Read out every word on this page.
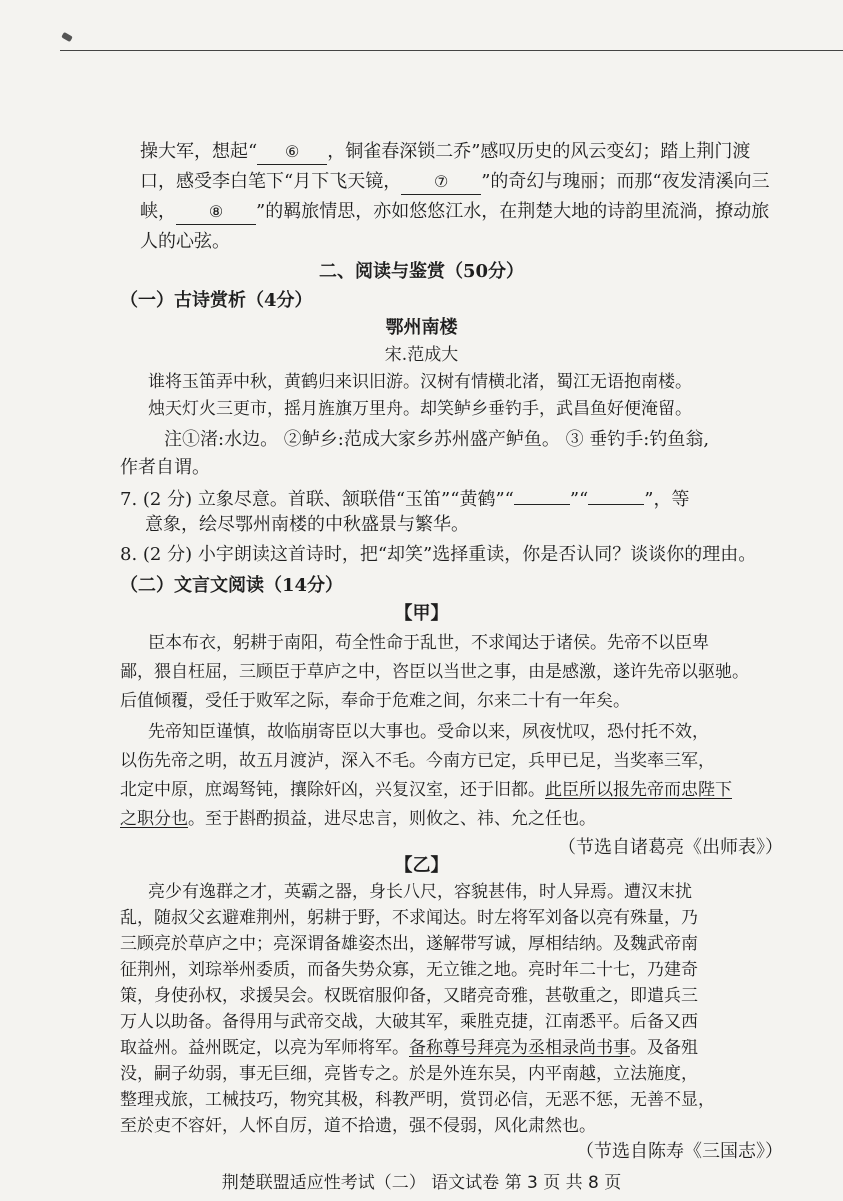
操大军，想起“ ⑥ ，铜雀春深锁二乔”感叹历史的风云变幻；踏上荆门渡
口，感受李白笔下“月下飞天镜， ⑦ ”的奇幻与瑰丽；而那“夜发清溪向三
峡， ⑧ ”的羁旅情思，亦如悠悠江水，在荆楚大地的诗韵里流淌，撩动旅
人的心弦。
二、阅读与鉴赏（50分）
（一）古诗赏析（4分）
鄂州南楼
宋.范成大
谁将玉笛弄中秋，黄鹤归来识旧游。汉树有情横北渚，蜀江无语抱南楼。
烛天灯火三更市，摇月旌旗万里舟。却笑鲈乡垂钓手，武昌鱼好便淹留。
注①渚:水边。 ②鲈乡:范成大家乡苏州盛产鲈鱼。 ③ 垂钓手:钓鱼翁,
作者自谓。
7. (2 分) 立象尽意。首联、颔联借“玉笛”“黄鹤”“	”“	”，等
意象，绘尽鄂州南楼的中秋盛景与繁华。
8. (2 分) 小宇朗读这首诗时，把“却笑”选择重读，你是否认同？谈谈你的理由。
（二）文言文阅读（14分）
【甲】
臣本布衣，躬耕于南阳，苟全性命于乱世，不求闻达于诸侯。先帝不以臣卑
鄙，猥自枉屈，三顾臣于草庐之中，咨臣以当世之事，由是感激，遂许先帝以驱驰。
后值倾覆，受任于败军之际，奉命于危难之间，尔来二十有一年矣。
先帝知臣谨慎，故临崩寄臣以大事也。受命以来，夙夜忧叹，恐付托不效，
以伤先帝之明，故五月渡泸，深入不毛。今南方已定，兵甲已足，当奖率三军，
北定中原，庶竭驽钝，攘除奸凶，兴复汉室，还于旧都。此臣所以报先帝而忠陛下
之职分也。至于斟酌损益，进尽忠言，则攸之、祎、允之任也。
（节选自诸葛亮《出师表》）
【乙】
亮少有逸群之才，英霸之器，身长八尺，容貌甚伟，时人异焉。遭汉末扰
乱，随叔父玄避难荆州，躬耕于野，不求闻达。时左将军刘备以亮有殊量，乃
三顾亮於草庐之中；亮深谓备雄姿杰出，遂解带写诚，厚相结纳。及魏武帝南
征荆州，刘琮举州委质，而备失势众寡，无立锥之地。亮时年二十七，乃建奇
策，身使孙权，求援吴会。权既宿服仰备，又睹亮奇雅，甚敬重之，即遣兵三
万人以助备。备得用与武帝交战，大破其军，乘胜克捷，江南悉平。后备又西
取益州。益州既定，以亮为军师将军。备称尊号拜亮为丞相录尚书事。及备殂
没，嗣子幼弱，事无巨细，亮皆专之。於是外连东吴，内平南越，立法施度，
整理戎旅，工械技巧，物究其极，科教严明，赏罚必信，无恶不惩，无善不显，
至於吏不容奸，人怀自厉，道不拾遗，强不侵弱，风化肃然也。
（节选自陈寿《三国志》）
荆楚联盟适应性考试（二） 语文试卷 第 3 页 共 8 页
